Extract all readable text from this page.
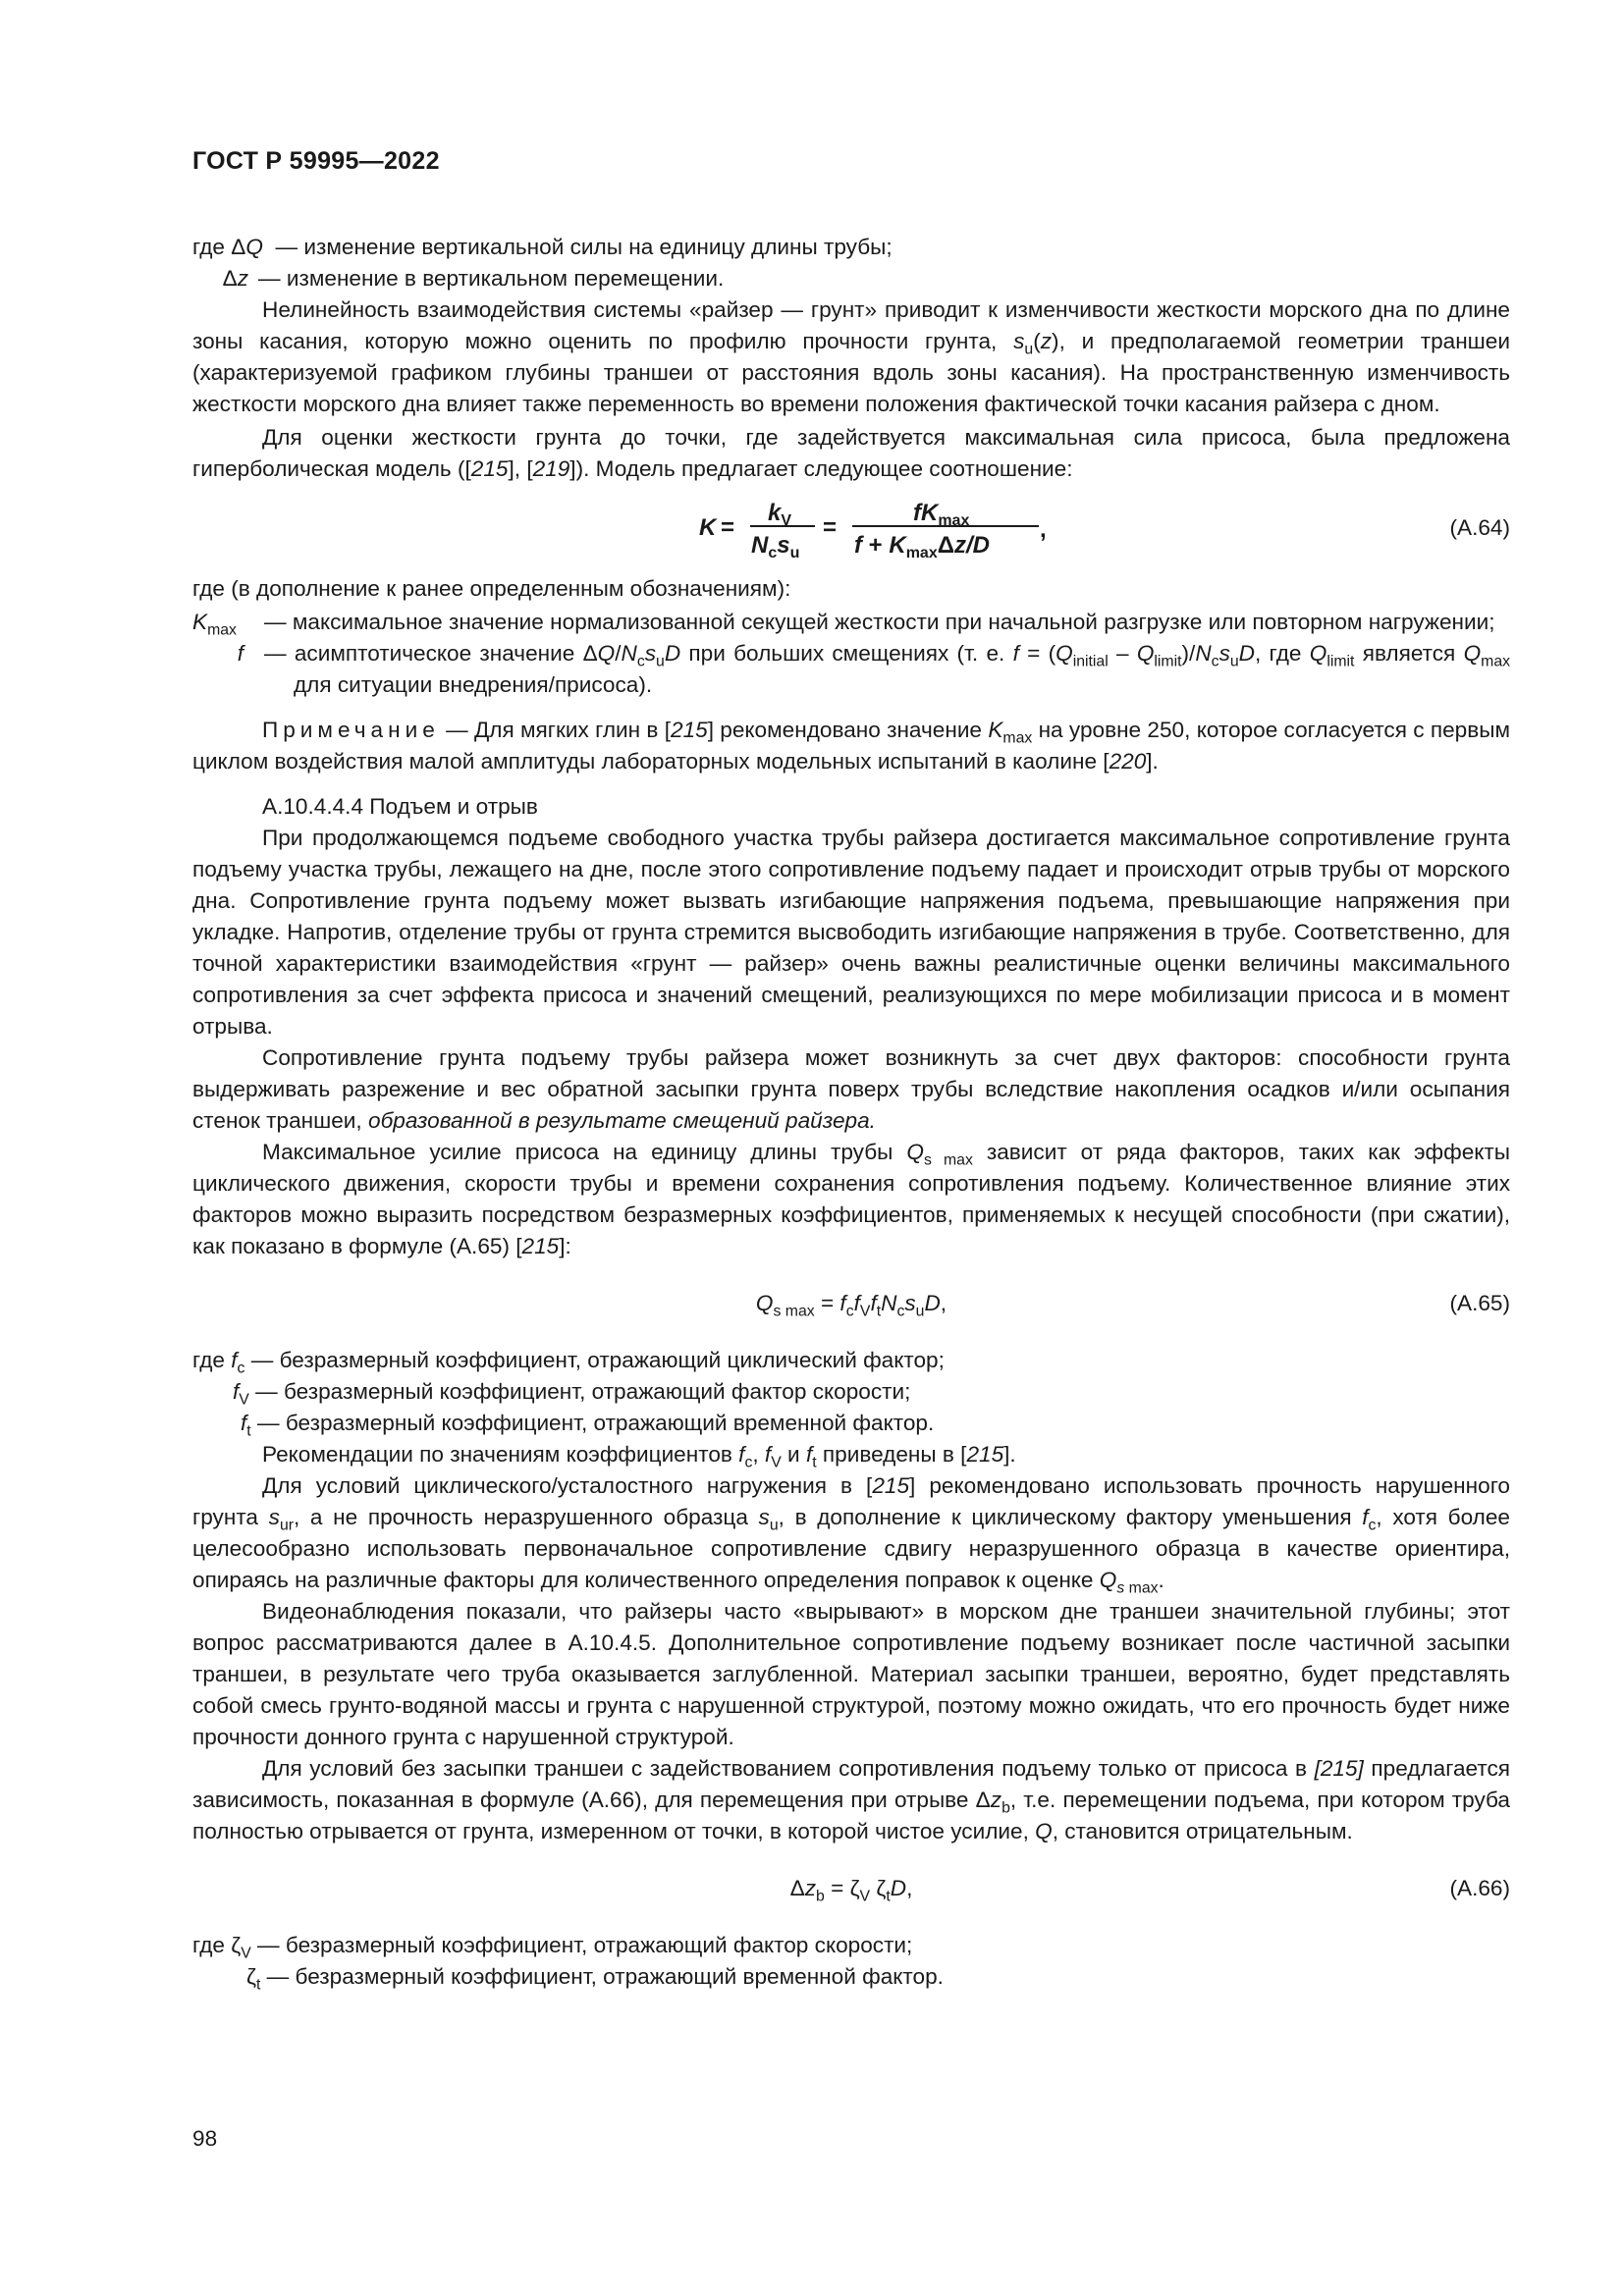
ГОСТ Р 59995—2022
где ΔQ  — изменение вертикальной силы на единицу длины трубы;
Δz — изменение в вертикальном перемещении.

Нелинейность взаимодействия системы «райзер — грунт» приводит к изменчивости жесткости морского дна по длине зоны касания, которую можно оценить по профилю прочности грунта, $s_u(z)$, и предполагаемой геометрии траншеи (характеризуемой графиком глубины траншеи от расстояния вдоль зоны касания). На пространственную изменчивость жесткости морского дна влияет также переменность во времени положения фактической точки касания райзера с дном.

Для оценки жесткости грунта до точки, где задействуется максимальная сила присоса, была предложена гиперболическая модель ([215], [219]). Модель предлагает следующее соотношение:

K =
$k_V$
$N_cs_u$
=
$fK_{max}$
$f + K_{max}\Delta z/D$
,	(А.64)
где (в дополнение к ранее определенным обозначениям):
$K_{max}$	— максимальное значение нормализованной секущей жесткости при начальной разгрузке или повторном нагружении;
f — асимптотическое значение $\Delta Q/N_cs_uD$ при больших смещениях (т. е. $f = (Q_{initial} - Q_{limit})/N_cs_uD$, где $Q_{limit}$ является $Q_{max}$ для ситуации внедрения/присоса).

Примечание — Для мягких глин в [215] рекомендовано значение $K_{max}$ на уровне 250, которое согласуется с первым циклом воздействия малой амплитуды лабораторных модельных испытаний в каолине [220].

А.10.4.4.4 Подъем и отрыв

При продолжающемся подъеме свободного участка трубы райзера достигается максимальное сопротивление грунта подъему участка трубы, лежащего на дне, после этого сопротивление подъему падает и происходит отрыв трубы от морского дна. Сопротивление грунта подъему может вызвать изгибающие напряжения подъема, превышающие напряжения при укладке. Напротив, отделение трубы от грунта стремится высвободить изгибающие напряжения в трубе. Соответственно, для точной характеристики взаимодействия «грунт — райзер» очень важны реалистичные оценки величины максимального сопротивления за счет эффекта присоса и значений смещений, реализующихся по мере мобилизации присоса и в момент отрыва.

Сопротивление грунта подъему трубы райзера может возникнуть за счет двух факторов: способности грунта выдерживать разрежение и вес обратной засыпки грунта поверх трубы вследствие накопления осадков и/или осыпания стенок траншеи, образованной в результате смещений райзера.

Максимальное усилие присоса на единицу длины трубы $Q_{s max}$ зависит от ряда факторов, таких как эффекты циклического движения, скорости трубы и времени сохранения сопротивления подъему. Количественное влияние этих факторов можно выразить посредством безразмерных коэффициентов, применяемых к несущей способности (при сжатии), как показано в формуле (А.65) [215]:

$Q_{s max} = f_cf_Vf_tN_cs_uD$,	(А.65)
где $f_c$ — безразмерный коэффициент, отражающий циклический фактор;
$f_V$ — безразмерный коэффициент, отражающий фактор скорости;
$f_t$ — безразмерный коэффициент, отражающий временной фактор.

Рекомендации по значениям коэффициентов $f_c$, $f_V$ и $f_t$ приведены в [215].

Для условий циклического/усталостного нагружения в [215] рекомендовано использовать прочность нарушенного грунта $s_{ur}$, а не прочность неразрушенного образца $s_u$, в дополнение к циклическому фактору уменьшения $f_c$, хотя более целесообразно использовать первоначальное сопротивление сдвигу неразрушенного образца в качестве ориентира, опираясь на различные факторы для количественного определения поправок к оценке $Q_{s max}$.

Видеонаблюдения показали, что райзеры часто «вырывают» в морском дне траншеи значительной глубины; этот вопрос рассматриваются далее в А.10.4.5. Дополнительное сопротивление подъему возникает после частичной засыпки траншеи, в результате чего труба оказывается заглубленной. Материал засыпки траншеи, вероятно, будет представлять собой смесь грунто-водяной массы и грунта с нарушенной структурой, поэтому можно ожидать, что его прочность будет ниже прочности донного грунта с нарушенной структурой.

Для условий без засыпки траншеи с задействованием сопротивления подъему только от присоса в [215] предлагается зависимость, показанная в формуле (А.66), для перемещения при отрыве $\Delta z_b$, т.е. перемещении подъема, при котором труба полностью отрывается от грунта, измеренном от точки, в которой чистое усилие, Q, становится отрицательным.

$\Delta z_b = \zeta_V$ $\zeta_tD$,	(А.66)
где $\zeta_V$ — безразмерный коэффициент, отражающий фактор скорости;
$\zeta_t$ — безразмерный коэффициент, отражающий временной фактор.
98
